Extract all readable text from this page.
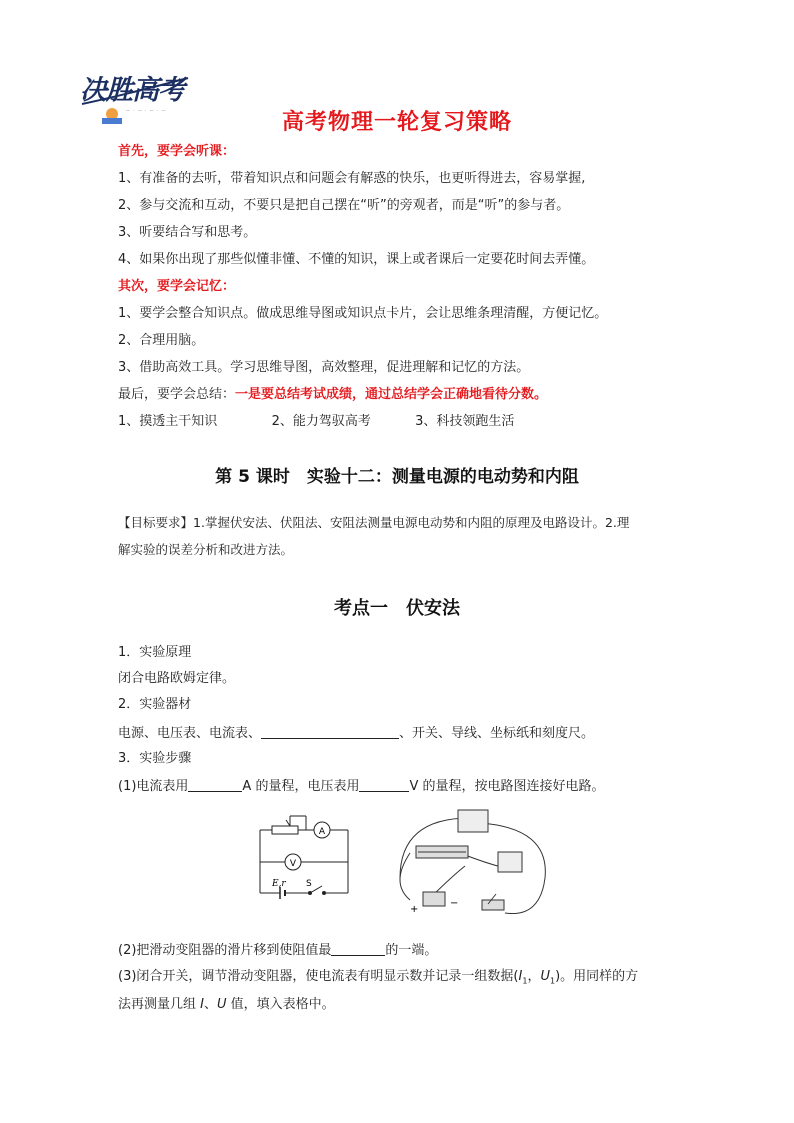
决胜高考
— · — · — · —	高考物理一轮复习策略
首先，要学会听课：
1、有准备的去听，带着知识点和问题会有解惑的快乐，也更听得进去，容易掌握,
2、参与交流和互动，不要只是把自己摆在“听”的旁观者，而是“听”的参与者。
3、听要结合写和思考。
4、如果你出现了那些似懂非懂、不懂的知识，课上或者课后一定要花时间去弄懂。
其次，要学会记忆：
1、要学会整合知识点。做成思维导图或知识点卡片，会让思维条理清醒，方便记忆。
2、合理用脑。
3、借助高效工具。学习思维导图，高效整理，促进理解和记忆的方法。
最后，要学会总结：一是要总结考试成绩，通过总结学会正确地看待分数。
1、摸透主干知识	2、能力驾驭高考	3、科技领跑生活
第 5 课时　实验十二：测量电源的电动势和内阻
【目标要求】1.掌握伏安法、伏阻法、安阻法测量电源电动势和内阻的原理及电路设计。2.理
解实验的误差分析和改进方法。
考点一　伏安法
1．实验原理
闭合电路欧姆定律。
2．实验器材
电源、电压表、电流表、	、开关、导线、坐标纸和刻度尺。
3．实验步骤
(1)电流表用	A 的量程，电压表用	V 的量程，按电路图连接好电路。
A
V
E,r S
+
−
(2)把滑动变阻器的滑片移到使阻值最	的一端。
(3)闭合开关，调节滑动变阻器，使电流表有明显示数并记录一组数据($I_1$，$U_1$)。用同样的方
法再测量几组 I、U 值，填入表格中。
